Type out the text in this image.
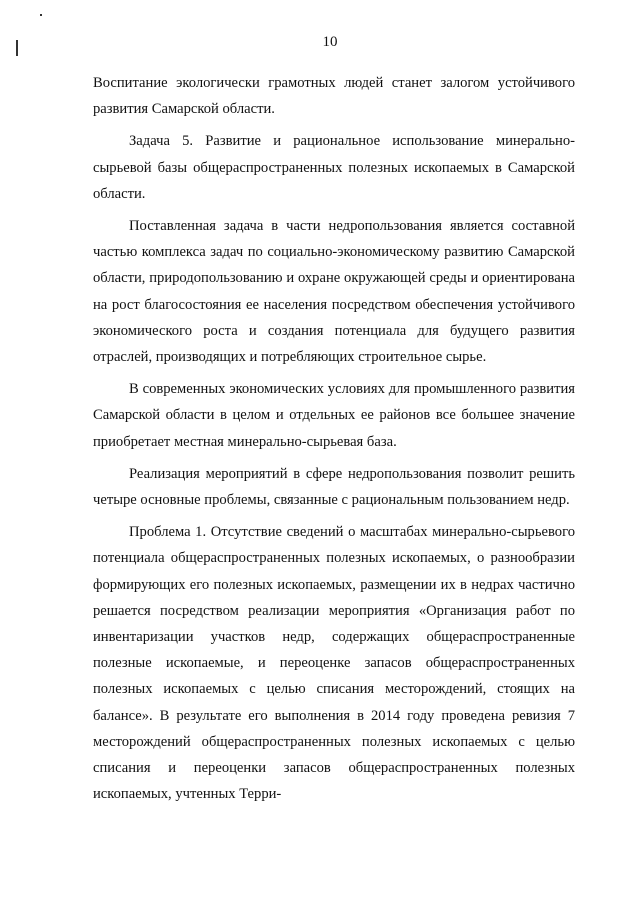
10

Воспитание экологически грамотных людей станет залогом устойчивого развития Самарской области.

Задача 5. Развитие и рациональное использование минерально-сырьевой базы общераспространенных полезных ископаемых в Самарской области.

Поставленная задача в части недропользования является составной частью комплекса задач по социально-экономическому развитию Самарской области, природопользованию и охране окружающей среды и ориентирована на рост благосостояния ее населения посредством обеспечения устойчивого экономического роста и создания потенциала для будущего развития отраслей, производящих и потребляющих строительное сырье.

В современных экономических условиях для промышленного развития Самарской области в целом и отдельных ее районов все большее значение приобретает местная минерально-сырьевая база.

Реализация мероприятий в сфере недропользования позволит решить четыре основные проблемы, связанные с рациональным пользованием недр.

Проблема 1. Отсутствие сведений о масштабах минерально-сырьевого потенциала общераспространенных полезных ископаемых, о разнообразии формирующих его полезных ископаемых, размещении их в недрах частично решается посредством реализации мероприятия «Организация работ по инвентаризации участков недр, содержащих общераспространенные полезные ископаемые, и переоценке запасов общераспространенных полезных ископаемых с целью списания месторождений, стоящих на балансе». В результате его выполнения в 2014 году проведена ревизия 7 месторождений общераспространенных полезных ископаемых с целью списания и переоценки запасов общераспространенных полезных ископаемых, учтенных Терри-
